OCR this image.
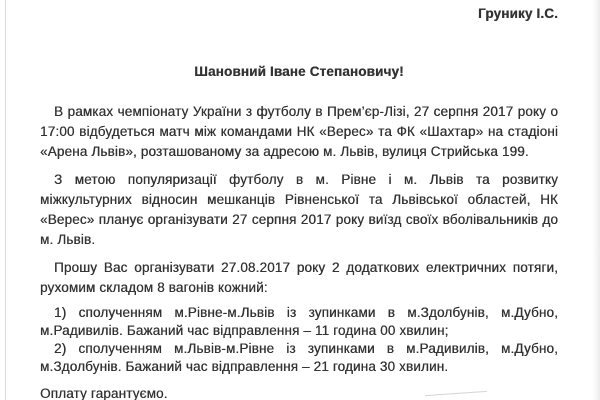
Грунику І.С.
Шановний Іване Степановичу!

В рамках чемпіонату України з футболу в Прем’єр-Лізі, 27 серпня 2017 року о 17:00 відбудеться матч між командами НК «Верес» та ФК «Шахтар» на стадіоні «Арена Львів», розташованому за адресою м. Львів, вулиця Стрийська 199.

З метою популяризації футболу в м. Рівне і м. Львів та розвитку міжкультурних відносин мешканців Рівненської та Львівської областей, НК «Верес» планує організувати 27 серпня 2017 року виїзд своїх вболівальників до м. Львів.

Прошу Вас організувати 27.08.2017 року 2 додаткових електричних потяги, рухомим складом 8 вагонів кожний:

1) сполученням м.Рівне-м.Львів із зупинками в м.Здолбунів, м.Дубно, м.Радивилів. Бажаний час відправлення – 11 година 00 хвилин;

2) сполученням м.Львів-м.Рівне із зупинками в м.Радивилів, м.Дубно, м.Здолбунів. Бажаний час відправлення – 21 година 30 хвилин.

Оплату гарантуємо.
